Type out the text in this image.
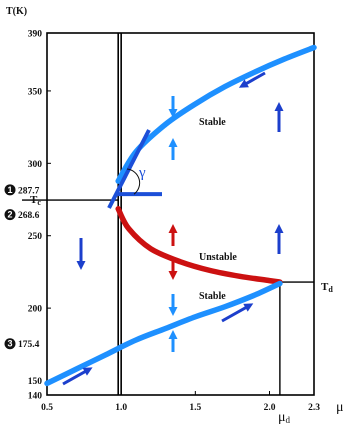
T(K)
μ
390
350
300
250
200
150
140
0.5	1.0	1.5	2.0	2.3
Stable
Unstable
Stable
γ
Tc
Td
μd
1 287.7
2 268.6
3 175.4
